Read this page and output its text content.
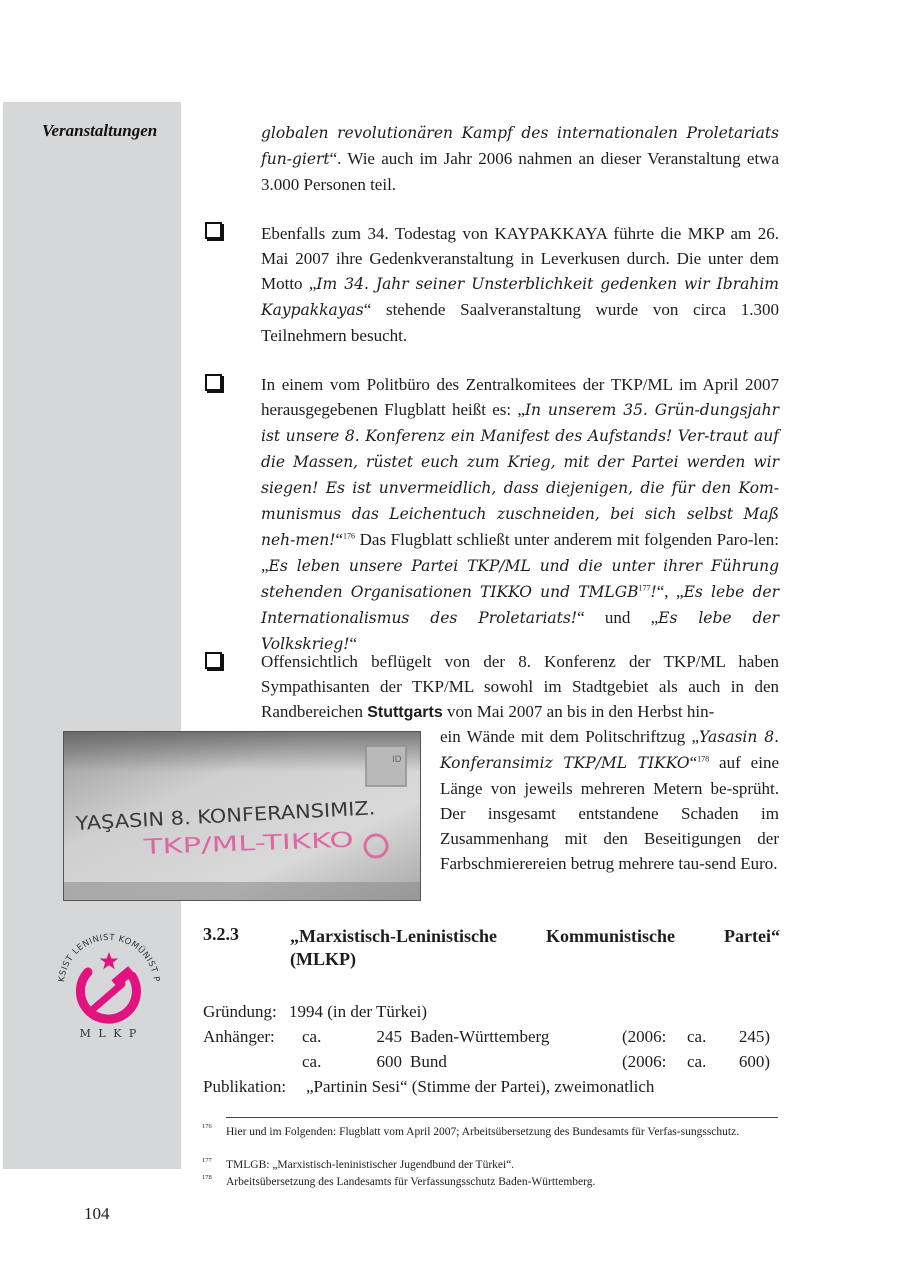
Veranstaltungen	globalen revolutionären Kampf des internationalen Proletariats fun-giert“. Wie auch im Jahr 2006 nahmen an dieser Veranstaltung etwa 3.000 Personen teil.
Ebenfalls zum 34. Todestag von KAYPAKKAYA führte die MKP am 26. Mai 2007 ihre Gedenkveranstaltung in Leverkusen durch. Die unter dem Motto „Im 34. Jahr seiner Unsterblichkeit gedenken wir Ibrahim Kaypakkayas“ stehende Saalveranstaltung wurde von circa 1.300 Teilnehmern besucht.
In einem vom Politbüro des Zentralkomitees der TKP/ML im April 2007 herausgegebenen Flugblatt heißt es: „In unserem 35. Grün-dungsjahr ist unsere 8. Konferenz ein Manifest des Aufstands! Ver-traut auf die Massen, rüstet euch zum Krieg, mit der Partei werden wir siegen! Es ist unvermeidlich, dass diejenigen, die für den Kom-munismus das Leichentuch zuschneiden, bei sich selbst Maß neh-men!“$^{176}$ Das Flugblatt schließt unter anderem mit folgenden Paro-len: „Es leben unsere Partei TKP/ML und die unter ihrer Führung stehenden Organisationen TIKKO und TMLGB$^{177}$!“, „Es lebe der Internationalismus des Proletariats!“ und „Es lebe der Volkskrieg!“
Offensichtlich beflügelt von der 8. Konferenz der TKP/ML haben Sympathisanten der TKP/ML sowohl im Stadtgebiet als auch in den Randbereichen Stuttgarts von Mai 2007 an bis in den Herbst hin-
ein Wände mit dem Politschriftzug „Yasasin 8. Konferansimiz TKP/ML TIKKO“$^{178}$ auf eine Länge von jeweils mehreren Metern be-sprüht. Der insgesamt entstandene Schaden im Zusammenhang mit den Beseitigungen der Farbschmierereien betrug mehrere tau-send Euro.
ID
YAŞASIN 8. KONFERANSIMIZ.
TKP/ML-TIKKO
KSIST LENINIST KOMÜNIST P
M L K P
3.2.3	„Marxistisch-Leninistische Kommunistische Partei“
(MLKP)
Gründung: 1994 (in der Türkei)
Anhänger: ca.	245 Baden-Württemberg	(2006: ca.	245)
ca.	600 Bund	(2006: ca.	600)
Publikation: „Partinin Sesi“ (Stimme der Partei), zweimonatlich
176 Hier und im Folgenden: Flugblatt vom April 2007; Arbeitsübersetzung des Bundesamts für Verfas-sungsschutz.
177 TMLGB: „Marxistisch-leninistischer Jugendbund der Türkei“.
178 Arbeitsübersetzung des Landesamts für Verfassungsschutz Baden-Württemberg.
104
